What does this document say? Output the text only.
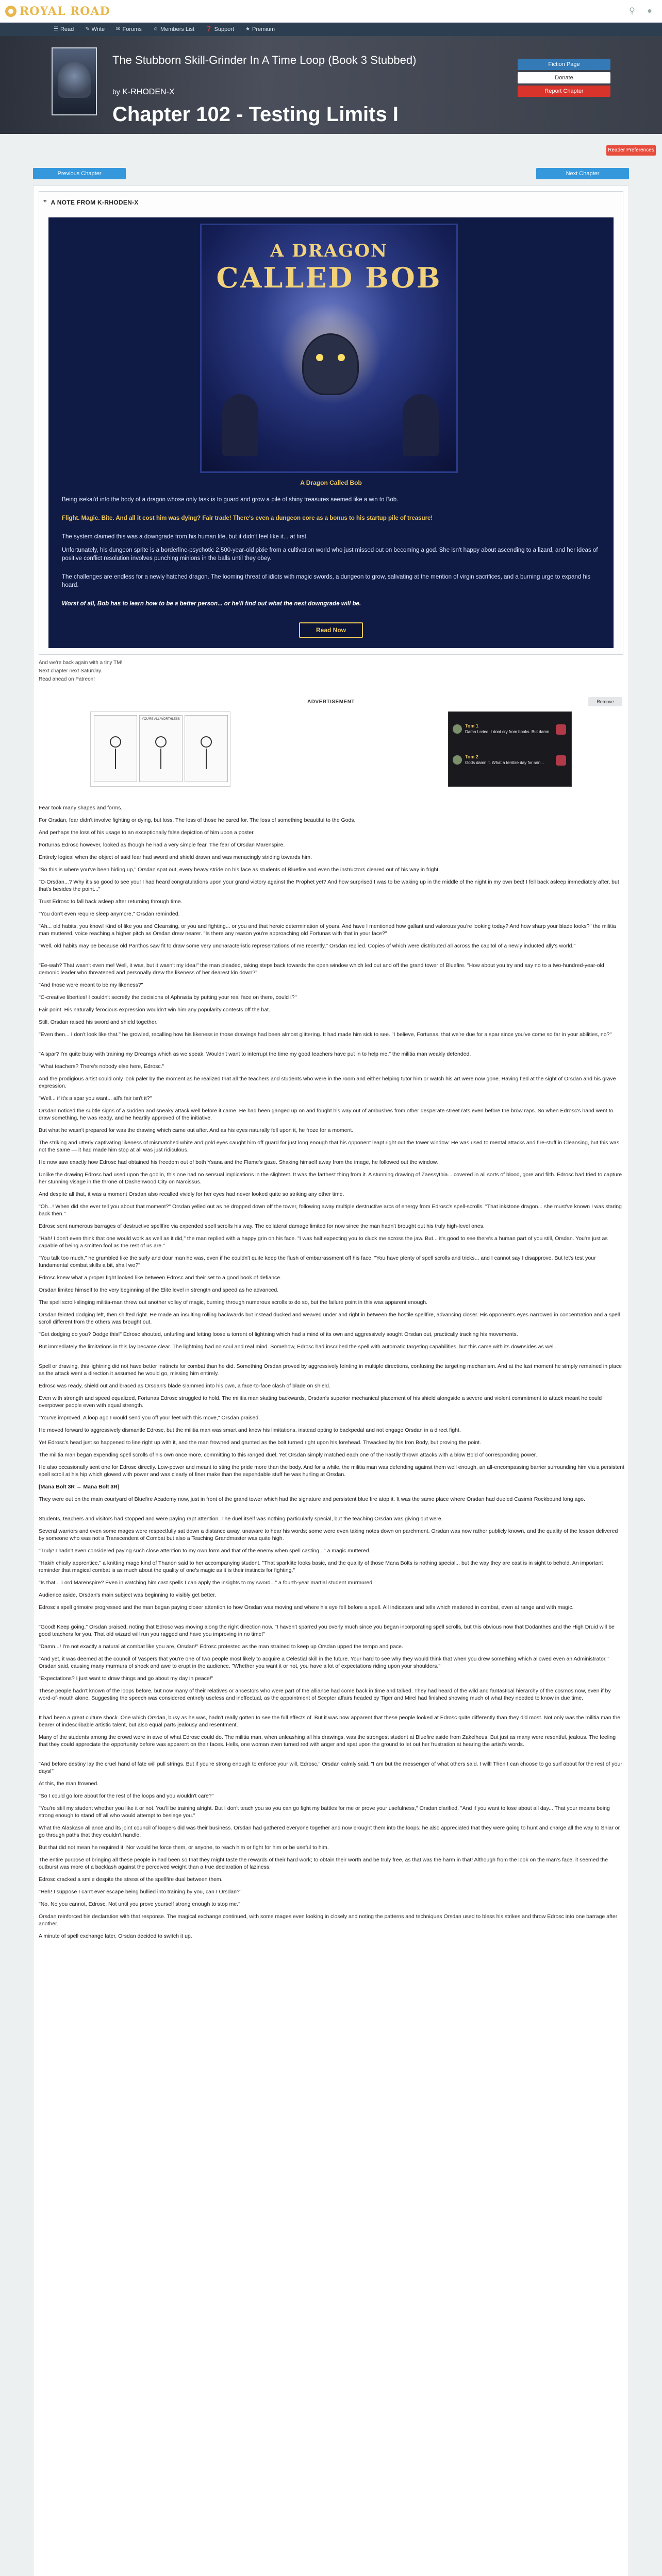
ROYAL ROAD	⚲	●
☰ Read ✎ Write ✉ Forums ☺ Members List ❓ Support ★ Premium
The Stubborn Skill-Grinder In A Time Loop (Book 3 Stubbed)
by K-RHODEN-X
Chapter 102 - Testing Limits I
Fiction Page
Donate
Report Chapter
Reader Preferences
Previous Chapter	Next Chapter
❞ A NOTE FROM K-RHODEN-X
A DRAGON
CALLED BOB
A Dragon Called Bob
Being isekai'd into the body of a dragon whose only task is to guard and grow a pile of shiny treasures seemed like a win to Bob.
Flight. Magic. Bite. And all it cost him was dying? Fair trade! There's even a dungeon core as a bonus to his startup pile of treasure!
The system claimed this was a downgrade from his human life, but it didn't feel like it... at first.
Unfortunately, his dungeon sprite is a borderline-psychotic 2,500-year-old pixie from a cultivation world who just missed out on becoming a god. She isn't happy about ascending to a lizard, and her ideas of positive conflict resolution involves punching minions in the balls until they obey.
The challenges are endless for a newly hatched dragon. The looming threat of idiots with magic swords, a dungeon to grow, salivating at the mention of virgin sacrifices, and a burning urge to expand his hoard.
Worst of all, Bob has to learn how to be a better person... or he'll find out what the next downgrade will be.
Read Now
And we're back again with a tiny TM!
Next chapter next Saturday.
Read ahead on Patreon!
ADVERTISEMENT	Remove
YOU'RE ALL WORTHLESS
Tom 1
Damn I cried. I dont cry from books. But damn.
Tom 2
Gods damn it. What a terrible day for rain...
Fear took many shapes and forms.
For Orsdan, fear didn't involve fighting or dying, but loss. The loss of those he cared for. The loss of something beautiful to the Gods.
And perhaps the loss of his usage to an exceptionally false depiction of him upon a poster.
Fortunas Edrosc however, looked as though he had a very simple fear. The fear of Orsdan Marenspire.
Entirely logical when the object of said fear had sword and shield drawn and was menacingly striding towards him.
"So this is where you've been hiding up," Orsdan spat out, every heavy stride on his face as students of Bluefire and even the instructors cleared out of his way in fright.
"O-Orsdan...? Why it's so good to see you! I had heard congratulations upon your grand victory against the Prophet yet? And how surprised I was to be waking up in the middle of the night in my own bed! I fell back asleep immediately after, but that's besides the point..."
Trust Edrosc to fall back asleep after returning through time.
"You don't even require sleep anymore," Orsdan reminded.
"Ah... old habits, you know! Kind of like you and Cleansing, or you and fighting... or you and that heroic determination of yours. And have I mentioned how gallant and valorous you're looking today? And how sharp your blade looks?" the militia man muttered, voice reaching a higher pitch as Orsdan drew nearer. "Is there any reason you're approaching old Fortunas with that in your face?"
"Well, old habits may be because old Panthos saw fit to draw some very uncharacteristic representations of me recently," Orsdan replied. Copies of which were distributed all across the capitol of a newly inducted ally's world."
"Ee-wah? That wasn't even me! Well, it was, but it wasn't my idea!" the man pleaded, taking steps back towards the open window which led out and off the grand tower of Bluefire. "How about you try and say no to a two-hundred-year-old demonic leader who threatened and personally drew the likeness of her dearest kin down?"
"And those were meant to be my likeness?"
"C-creative liberties! I couldn't secretly the decisions of Aphrasta by putting your real face on there, could I?"
Fair point. His naturally ferocious expression wouldn't win him any popularity contests off the bat.
Still, Orsdan raised his sword and shield together.
"Even then... I don't look like that." he growled, recalling how his likeness in those drawings had been almost glittering. It had made him sick to see. "I believe, Fortunas, that we're due for a spar since you've come so far in your abilities, no?"
"A spar? I'm quite busy with training my Dreamgs which as we speak. Wouldn't want to interrupt the time my good teachers have put in to help me," the militia man weakly defended.
"What teachers? There's nobody else here, Edrosc."
And the prodigious artist could only look paler by the moment as he realized that all the teachers and students who were in the room and either helping tutor him or watch his art were now gone. Having fled at the sight of Orsdan and his grave expression.
"Well... if it's a spar you want... all's fair isn't it?"
Orsdan noticed the subtle signs of a sudden and sneaky attack well before it came. He had been ganged up on and fought his way out of ambushes from other desperate street rats even before the brow raps. So when Edrosc's hand went to draw something, he was ready, and he heartily approved of the initiative.
But what he wasn't prepared for was the drawing which came out after. And as his eyes naturally fell upon it, he froze for a moment.
The striking and utterly captivating likeness of mismatched white and gold eyes caught him off guard for just long enough that his opponent leapt right out the tower window. He was used to mental attacks and fire-stuff in Cleansing, but this was not the same — it had made him stop at all was just ridiculous.
He now saw exactly how Edrosc had obtained his freedom out of both Ysana and the Flame's gaze. Shaking himself away from the image, he followed out the window.
Unlike the drawing Edrosc had used upon the goblin, this one had no sensual implications in the slightest. It was the farthest thing from it. A stunning drawing of Zaessythia... covered in all sorts of blood, gore and filth. Edrosc had tried to capture her stunning visage in the throne of Dashenwood City on Narcissus.
And despite all that, it was a moment Orsdan also recalled vividly for her eyes had never looked quite so striking any other time.
"Oh...! When did she ever tell you about that moment?" Orsdan yelled out as he dropped down off the tower, following away multiple destructive arcs of energy from Edrosc's spell-scrolls. "That inkstone dragon... she must've known I was staring back then."
Edrosc sent numerous barrages of destructive spellfire via expended spell scrolls his way. The collateral damage limited for now since the man hadn't brought out his truly high-level ones.
"Hah! I don't even think that one would work as well as it did," the man replied with a happy grin on his face. "I was half expecting you to cluck me across the jaw. But... it's good to see there's a human part of you still, Orsdan. You're just as capable of being a smitten fool as the rest of us are."
"You talk too much," he grumbled like the surly and dour man he was, even if he couldn't quite keep the flush of embarrassment off his face. "You have plenty of spell scrolls and tricks... and I cannot say I disapprove. But let's test your fundamental combat skills a bit, shall we?"
Edrosc knew what a proper fight looked like between Edrosc and their set to a good book of defiance.
Orsdan limited himself to the very beginning of the Elite level in strength and speed as he advanced.
The spell scroll-slinging militia-man threw out another volley of magic, burning through numerous scrolls to do so, but the failure point in this was apparent enough.
Orsdan feinted dodging left, then shifted right. He made an insulting rolling backwards but instead ducked and weaved under and right in between the hostile spellfire, advancing closer. His opponent's eyes narrowed in concentration and a spell scroll different from the others was brought out.
"Get dodging do you? Dodge this!" Edrosc shouted, unfurling and letting loose a torrent of lightning which had a mind of its own and aggressively sought Orsdan out, practically tracking his movements.
But immediately the limitations in this lay became clear. The lightning had no soul and real mind. Somehow, Edrosc had inscribed the spell with automatic targeting capabilities, but this came with its downsides as well.
Spell or drawing, this lightning did not have better instincts for combat than he did. Something Orsdan proved by aggressively feinting in multiple directions, confusing the targeting mechanism. And at the last moment he simply remained in place as the attack went a direction it assumed he would go, missing him entirely.
Edrosc was ready, shield out and braced as Orsdan's blade slammed into his own, a face-to-face clash of blade on shield.
Even with strength and speed equalized, Fortunas Edrosc struggled to hold. The militia man skating backwards, Orsdan's superior mechanical placement of his shield alongside a severe and violent commitment to attack meant he could overpower people even with equal strength.
"You've improved. A loop ago I would send you off your feet with this move," Orsdan praised.
He moved forward to aggressively dismantle Edrosc, but the militia man was smart and knew his limitations, instead opting to backpedal and not engage Orsdan in a direct fight.
Yet Edrosc's head just so happened to line right up with it, and the man frowned and grunted as the bolt turned right upon his forehead. Thwacked by his Iron Body, but proving the point.
The militia man began expending spell scrolls of his own once more, committing to this ranged duel. Yet Orsdan simply matched each one of the hastily thrown attacks with a blow Bold of corresponding power.
He also occasionally sent one for Edrosc directly. Low-power and meant to sting the pride more than the body. And for a while, the militia man was defending against them well enough, an all-encompassing barrier surrounding him via a persistent spell scroll at his hip which glowed with power and was clearly of finer make than the expendable stuff he was hurling at Orsdan.
[Mana Bolt 3R → Mana Bolt 3R]
They were out on the main courtyard of Bluefire Academy now, just in front of the grand tower which had the signature and persistent blue fire atop it. It was the same place where Orsdan had dueled Casimir Rockbound long ago.
Students, teachers and visitors had stopped and were paying rapt attention. The duel itself was nothing particularly special, but the teaching Orsdan was giving out were.
Several warriors and even some mages were respectfully sat down a distance away, unaware to hear his words; some were even taking notes down on parchment. Orsdan was now rather publicly known, and the quality of the lesson delivered by someone who was not a Transcendent of Combat but also a Teaching Grandmaster was quite high.
"Truly! I hadn't even considered paying such close attention to my own form and that of the enemy when spell casting..." a magic muttered.
"Hakih chially apprentice," a knitting mage kind of Thanon said to her accompanying student. "That sparklite looks basic, and the quality of those Mana Bolts is nothing special... but the way they are cast is in sight to behold. An important reminder that magical combat is as much about the quality of one's magic as it is their instincts for fighting."
"Is that... Lord Marenspire? Even in watching him cast spells I can apply the insights to my sword..." a fourth-year martial student murmured.
Audience aside, Orsdan's main subject was beginning to visibly get better.
Edrosc's spell grimoire progressed and the man began paying closer attention to how Orsdan was moving and where his eye fell before a spell. All indicators and tells which mattered in combat, even at range and with magic.
"Good! Keep going," Orsdan praised, noting that Edrosc was moving along the right direction now. "I haven't sparred you overly much since you began incorporating spell scrolls, but this obvious now that Dodanthes and the High Druid will be good teachers for you. That old wizard will run you ragged and have you improving in no time!"
"Damn...! I'm not exactly a natural at combat like you are, Orsdan!" Edrosc protested as the man strained to keep up Orsdan upped the tempo and pace.
"And yet, it was deemed at the council of Vaspers that you're one of two people most likely to acquire a Celestial skill in the future. Your hard to see why they would think that when you drew something which allowed even an Administrator." Orsdan said, causing many murmurs of shock and awe to erupt in the audience. "Whether you want it or not, you have a lot of expectations riding upon your shoulders."
"Expectations? I just want to draw things and go about my day in peace!"
These people hadn't known of the loops before, but now many of their relatives or ancestors who were part of the alliance had come back in time and talked. They had heard of the wild and fantastical hierarchy of the cosmos now, even if by word-of-mouth alone. Suggesting the speech was considered entirely useless and ineffectual, as the appointment of Scepter affairs headed by Tiger and Mirel had finished showing much of what they needed to know in due time.
It had been a great culture shock. One which Orsdan, busy as he was, hadn't really gotten to see the full effects of. But it was now apparent that these people looked at Edrosc quite differently than they did most. Not only was the militia man the bearer of indescribable artistic talent, but also equal parts jealousy and resentment.
Many of the students among the crowd were in awe of what Edrosc could do. The militia man, when unleashing all his drawings, was the strongest student at Bluefire aside from Zakelheus. But just as many were resentful, jealous. The feeling that they could appreciate the opportunity before was apparent on their faces. Hells, one woman even turned red with anger and spat upon the ground to let out her frustration at hearing the artist's words.
"And before destiny lay the cruel hand of fate will pull strings. But if you're strong enough to enforce your will, Edrosc," Orsdan calmly said. "I am but the messenger of what others said. I will! Then I can choose to go surf about for the rest of your days!"
At this, the man frowned.
"So I could go lore about for the rest of the loops and you wouldn't care?"
"You're still my student whether you like it or not. You'll be training alright. But I don't teach you so you can go fight my battles for me or prove your usefulness," Orsdan clarified. "And if you want to lose about all day... That your means being strong enough to stand off all who would attempt to besiege you."
What the Alaskasn alliance and its joint council of loopers did was their business. Orsdan had gathered everyone together and now brought them into the loops; he also appreciated that they were going to hunt and charge all the way to Shiar or go through paths that they couldn't handle.
But that did not mean he required it. Nor would he force them, or anyone, to reach him or fight for him or be useful to him.
The entire purpose of bringing all these people in had been so that they might taste the rewards of their hard work; to obtain their worth and be truly free, as that was the harm in that! Although from the look on the man's face, it seemed the outburst was more of a backlash against the perceived weight than a true declaration of laziness.
Edrosc cracked a smile despite the stress of the spellfire dual between them.
"Heh! I suppose I can't ever escape being bullied into training by you, can I Orsdan?"
"No. No you cannot, Edrosc. Not until you prove yourself strong enough to stop me."
Orsdan reinforced his declaration with that response. The magical exchange continued, with some mages even looking in closely and noting the patterns and techniques Orsdan used to bless his strikes and throw Edrosc into one barrage after another.
A minute of spell exchange later, Orsdan decided to switch it up.
